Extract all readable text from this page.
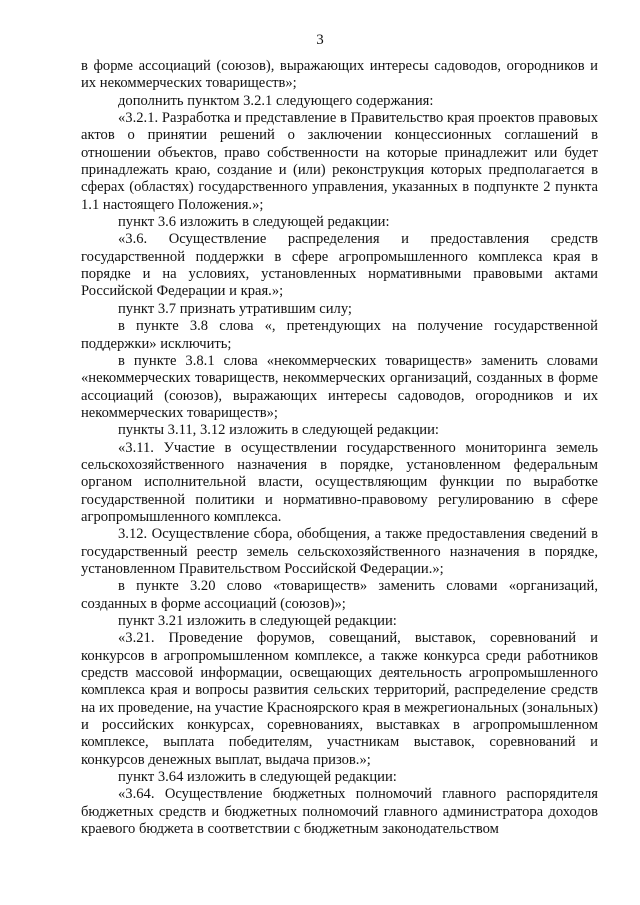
3

в форме ассоциаций (союзов), выражающих интересы садоводов, огородников и их некоммерческих товариществ»;

дополнить пунктом 3.2.1 следующего содержания:

«3.2.1. Разработка и представление в Правительство края проектов правовых актов о принятии решений о заключении концессионных соглашений в отношении объектов, право собственности на которые принадлежит или будет принадлежать краю, создание и (или) реконструкция которых предполагается в сферах (областях) государственного управления, указанных в подпункте 2 пункта 1.1 настоящего Положения.»;

пункт 3.6 изложить в следующей редакции:

«3.6. Осуществление распределения и предоставления средств государственной поддержки в сфере агропромышленного комплекса края в порядке и на условиях, установленных нормативными правовыми актами Российской Федерации и края.»;

пункт 3.7 признать утратившим силу;

в пункте 3.8 слова «, претендующих на получение государственной поддержки» исключить;

в пункте 3.8.1 слова «некоммерческих товариществ» заменить словами «некоммерческих товариществ, некоммерческих организаций, созданных в форме ассоциаций (союзов), выражающих интересы садоводов, огородников и их некоммерческих товариществ»;

пункты 3.11, 3.12 изложить в следующей редакции:

«3.11. Участие в осуществлении государственного мониторинга земель сельскохозяйственного назначения в порядке, установленном федеральным органом исполнительной власти, осуществляющим функции по выработке государственной политики и нормативно-правовому регулированию в сфере агропромышленного комплекса.

3.12. Осуществление сбора, обобщения, а также предоставления сведений в государственный реестр земель сельскохозяйственного назначения в порядке, установленном Правительством Российской Федерации.»;

в пункте 3.20 слово «товариществ» заменить словами «организаций, созданных в форме ассоциаций (союзов)»;

пункт 3.21 изложить в следующей редакции:

«3.21. Проведение форумов, совещаний, выставок, соревнований и конкурсов в агропромышленном комплексе, а также конкурса среди работников средств массовой информации, освещающих деятельность агропромышленного комплекса края и вопросы развития сельских территорий, распределение средств на их проведение, на участие Красноярского края в межрегиональных (зональных) и российских конкурсах, соревнованиях, выставках в агропромышленном комплексе, выплата победителям, участникам выставок, соревнований и конкурсов денежных выплат, выдача призов.»;

пункт 3.64 изложить в следующей редакции:

«3.64. Осуществление бюджетных полномочий главного распорядителя бюджетных средств и бюджетных полномочий главного администратора доходов краевого бюджета в соответствии с бюджетным законодательством
